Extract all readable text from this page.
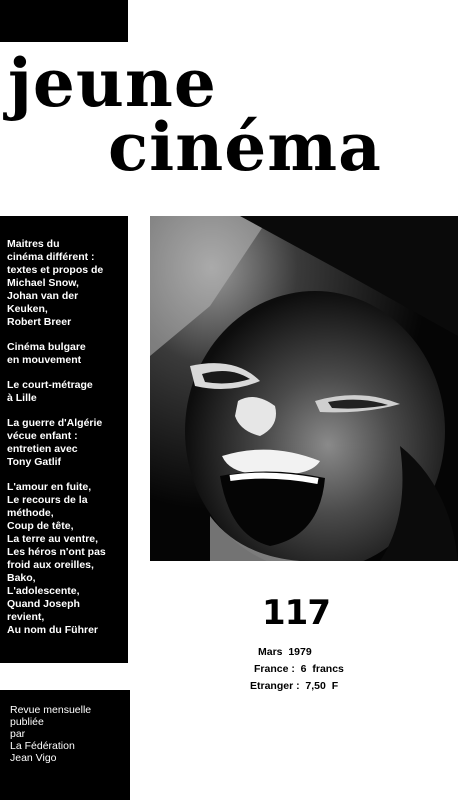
jeune
cinéma
Maitres du
cinéma différent :
textes et propos de
Michael Snow,
Johan van der
Keuken,
Robert Breer
Cinéma bulgare
en mouvement
Le court-métrage
à Lille
La guerre d'Algérie
vécue enfant :
entretien avec
Tony Gatlif
L'amour en fuite,
Le recours de la
méthode,
Coup de tête,
La terre au ventre,
Les héros n'ont pas
froid aux oreilles,
Bako,
L'adolescente,
Quand Joseph
revient,
Au nom du Führer	117
Mars  1979
France :  6  francs
Etranger :  7,50  F
Revue mensuelle
publiée
par
La Fédération
Jean Vigo
